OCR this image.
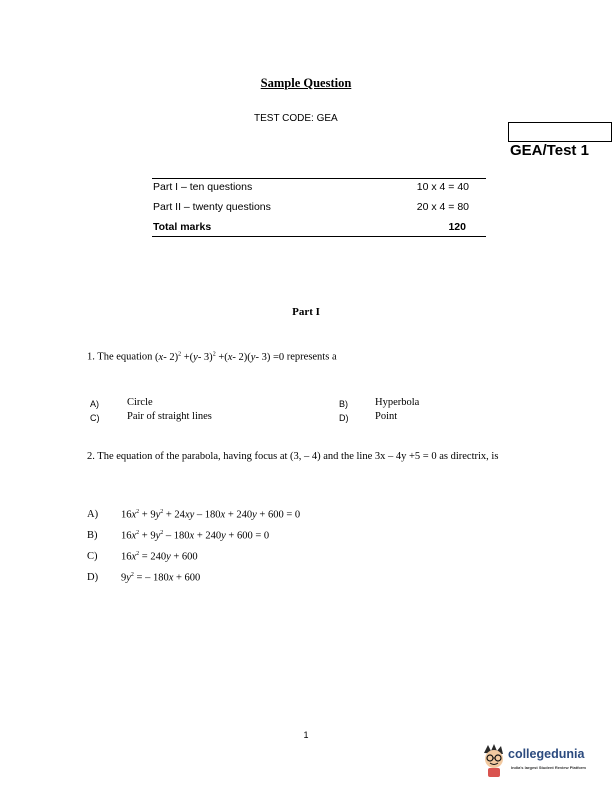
Sample Question
TEST CODE: GEA
GEA/Test 1
Part I – ten questions	10 x 4 = 40
Part II – twenty questions	20 x 4 = 80
Total marks	120
Part I
1. The equation (x- 2)$^2$ +(y- 3)$^2$ +(x- 2)(y- 3) =0 represents a
A)	Circle	B)	Hyperbola
C)	Pair of straight lines	D)	Point
2. The equation of the parabola, having focus at (3, – 4) and the line 3x – 4y +5 = 0 as directrix, is
A) $16x^2 + 9y^2 + 24xy - 180x + 240y + 600 = 0$
B) $16x^2 + 9y^2 - 180x + 240y + 600 = 0$
C) $16x^2 = 240y + 600$
D) $9y^2$ = – 180x + 600
1
collegedunia
India's largest Student Review Platform
